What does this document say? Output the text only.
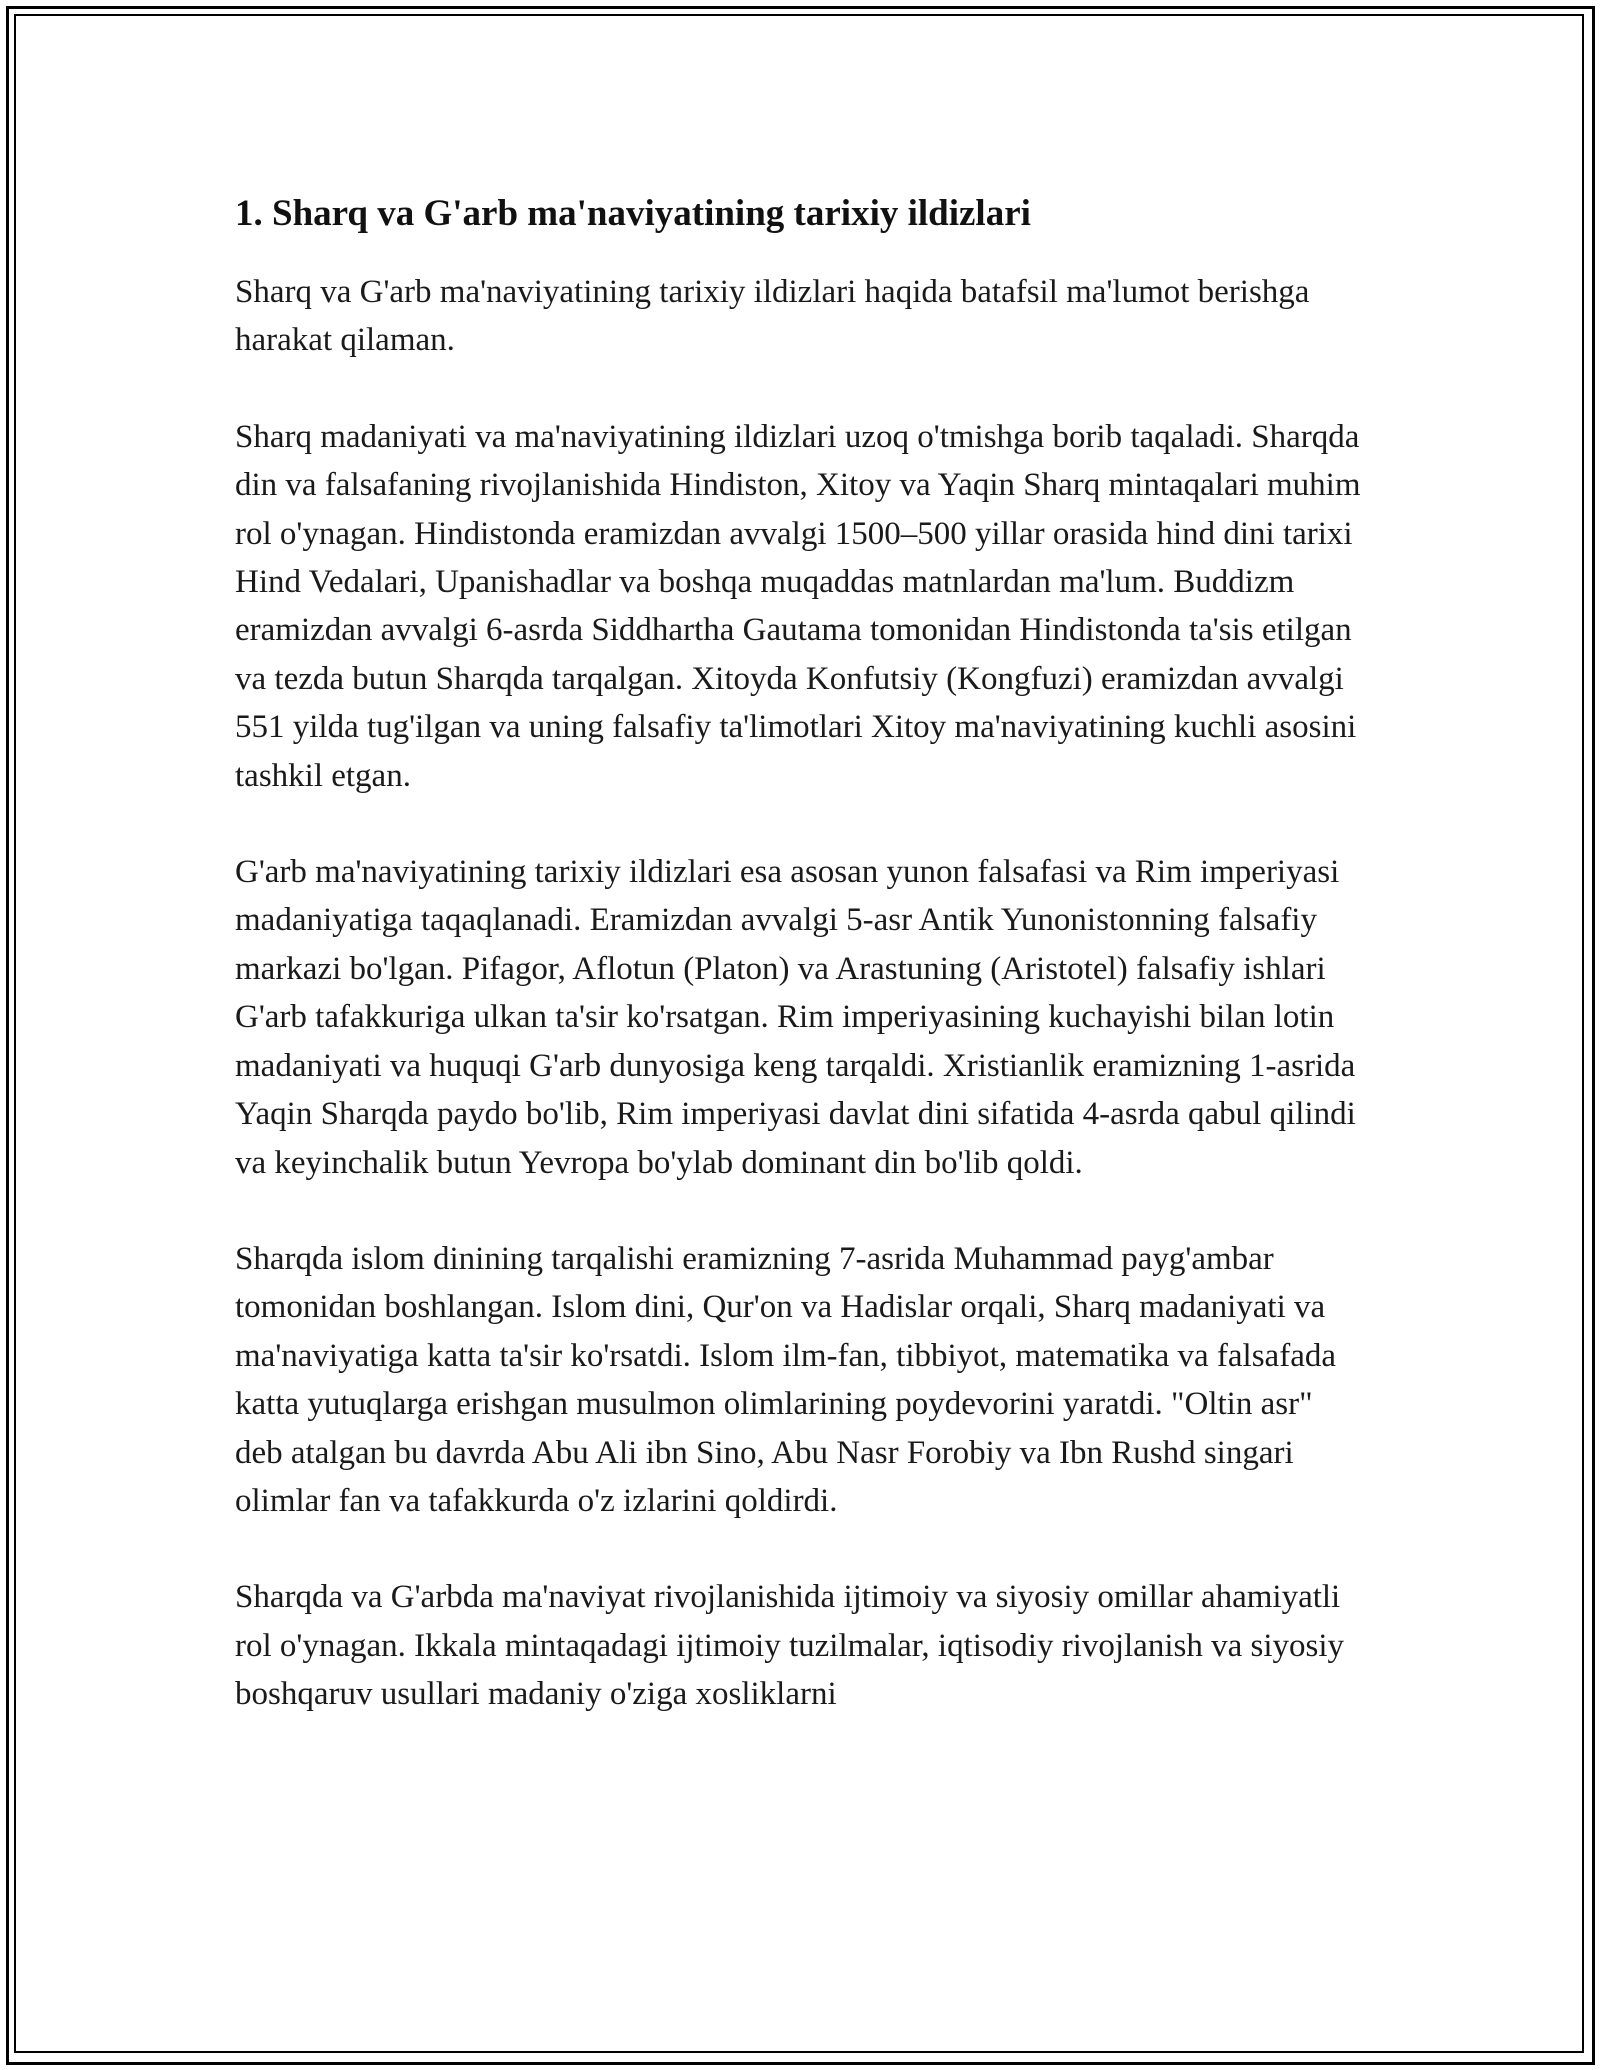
1. Sharq va G'arb ma'naviyatining tarixiy ildizlari

Sharq va G'arb ma'naviyatining tarixiy ildizlari haqida batafsil ma'lumot berishga harakat qilaman.

Sharq madaniyati va ma'naviyatining ildizlari uzoq o'tmishga borib taqaladi. Sharqda din va falsafaning rivojlanishida Hindiston, Xitoy va Yaqin Sharq mintaqalari muhim rol o'ynagan. Hindistonda eramizdan avvalgi 1500–500 yillar orasida hind dini tarixi Hind Vedalari, Upanishadlar va boshqa muqaddas matnlardan ma'lum. Buddizm eramizdan avvalgi 6-asrda Siddhartha Gautama tomonidan Hindistonda ta'sis etilgan va tezda butun Sharqda tarqalgan. Xitoyda Konfutsiy (Kongfuzi) eramizdan avvalgi 551 yilda tug'ilgan va uning falsafiy ta'limotlari Xitoy ma'naviyatining kuchli asosini tashkil etgan.

G'arb ma'naviyatining tarixiy ildizlari esa asosan yunon falsafasi va Rim imperiyasi madaniyatiga taqaqlanadi. Eramizdan avvalgi 5-asr Antik Yunonistonning falsafiy markazi bo'lgan. Pifagor, Aflotun (Platon) va Arastuning (Aristotel) falsafiy ishlari G'arb tafakkuriga ulkan ta'sir ko'rsatgan. Rim imperiyasining kuchayishi bilan lotin madaniyati va huquqi G'arb dunyosiga keng tarqaldi. Xristianlik eramizning 1-asrida Yaqin Sharqda paydo bo'lib, Rim imperiyasi davlat dini sifatida 4-asrda qabul qilindi va keyinchalik butun Yevropa bo'ylab dominant din bo'lib qoldi.

Sharqda islom dinining tarqalishi eramizning 7-asrida Muhammad payg'ambar tomonidan boshlangan. Islom dini, Qur'on va Hadislar orqali, Sharq madaniyati va ma'naviyatiga katta ta'sir ko'rsatdi. Islom ilm-fan, tibbiyot, matematika va falsafada katta yutuqlarga erishgan musulmon olimlarining poydevorini yaratdi. "Oltin asr" deb atalgan bu davrda Abu Ali ibn Sino, Abu Nasr Forobiy va Ibn Rushd singari olimlar fan va tafakkurda o'z izlarini qoldirdi.

Sharqda va G'arbda ma'naviyat rivojlanishida ijtimoiy va siyosiy omillar ahamiyatli rol o'ynagan. Ikkala mintaqadagi ijtimoiy tuzilmalar, iqtisodiy rivojlanish va siyosiy boshqaruv usullari madaniy o'ziga xosliklarni
